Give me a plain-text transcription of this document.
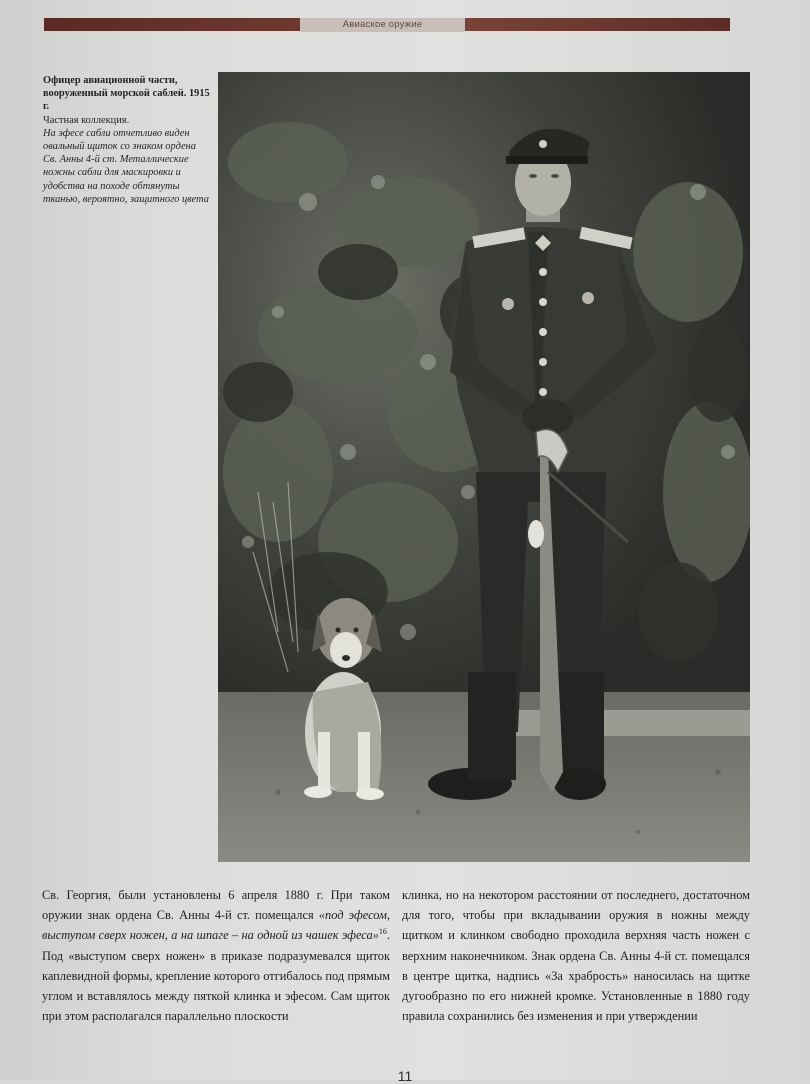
Авиаское оружие
Офицер авиационной части, вооруженный морской саблей. 1915 г.
Частная коллекция.
На эфесе сабли отчетливо виден овальный щиток со знаком ордена Св. Анны 4-й ст. Металлические ножны сабли для маскировки и удобства на походе обтянуты тканью, вероятно, защитного цвета

Св. Георгия, были установлены 6 апреля 1880 г. При таком оружии знак ордена Св. Анны 4-й ст. помещался «под эфесом, выступом сверх ножен, а на шпаге – на одной из чашек эфеса»$^{16}$. Под «выступом сверх ножен» в приказе подразумевался щиток каплевидной формы, крепление которого отгибалось под прямым углом и вставлялось между пяткой клинка и эфесом. Сам щиток при этом располагался параллельно плоскости

клинка, но на некотором расстоянии от последнего, достаточном для того, чтобы при вкладывании оружия в ножны между щитком и клинком свободно проходила верхняя часть ножен с верхним наконечником. Знак ордена Св. Анны 4-й ст. помещался в центре щитка, надпись «За храбрость» наносилась на щитке дугообразно по его нижней кромке. Установленные в 1880 году правила сохранились без изменения и при утверждении

11
